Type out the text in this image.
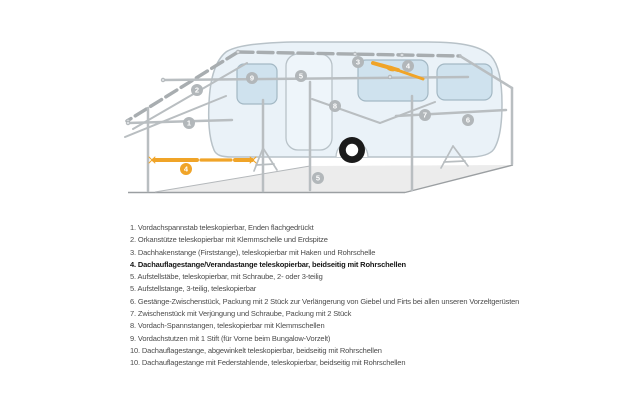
9	5
3	4
2
1
8
7
6
5
4
1. Vordachspannstab teleskopierbar, Enden flachgedrückt
2. Orkanstütze teleskopierbar mit Klemmschelle und Erdspitze
3. Dachhakenstange (Firststange), teleskopierbar mit Haken und Rohrschelle
4. Dachauflagestange/Verandastange teleskopierbar, beidseitig mit Rohrschellen
5. Aufstellstäbe, teleskopierbar, mit Schraube, 2- oder 3-teilig
5. Aufstellstange, 3-teilig, teleskopierbar
6. Gestänge-Zwischenstück, Packung mit 2 Stück zur Verlängerung von Giebel und Firts bei allen unseren Vorzeltgerüsten
7. Zwischenstück mit Verjüngung und Schraube, Packung mit 2 Stück
8. Vordach-Spannstangen, teleskopierbar mit Klemmschellen
9. Vordachstutzen mit 1 Stift (für Vorne beim Bungalow-Vorzelt)
10. Dachauflagestange, abgewinkelt teleskopierbar, beidseitig mit Rohrschellen
10. Dachauflagestange mit Federstahlende, teleskopierbar, beidseitig mit Rohrschellen
